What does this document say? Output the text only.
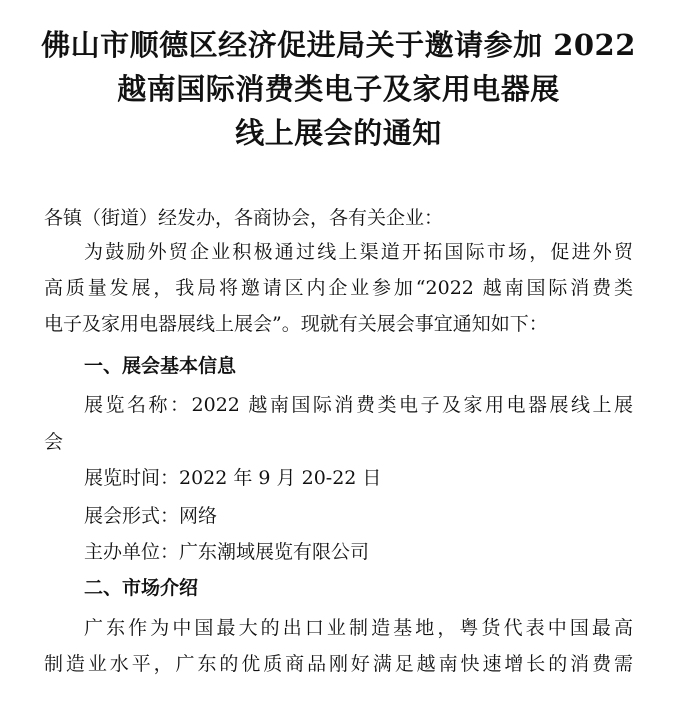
佛山市顺德区经济促进局关于邀请参加 2022
越南国际消费类电子及家用电器展
线上展会的通知
各镇（街道）经发办，各商协会，各有关企业：
为鼓励外贸企业积极通过线上渠道开拓国际市场，促进外贸
高质量发展，我局将邀请区内企业参加“2022 越南国际消费类
电子及家用电器展线上展会”。现就有关展会事宜通知如下：
一、展会基本信息
展览名称：2022 越南国际消费类电子及家用电器展线上展
会
展览时间：2022 年 9 月 20-22 日
展会形式：网络
主办单位：广东潮域展览有限公司
二、市场介绍
广东作为中国最大的出口业制造基地，粤货代表中国最高
制造业水平，广东的优质商品刚好满足越南快速增长的消费需
